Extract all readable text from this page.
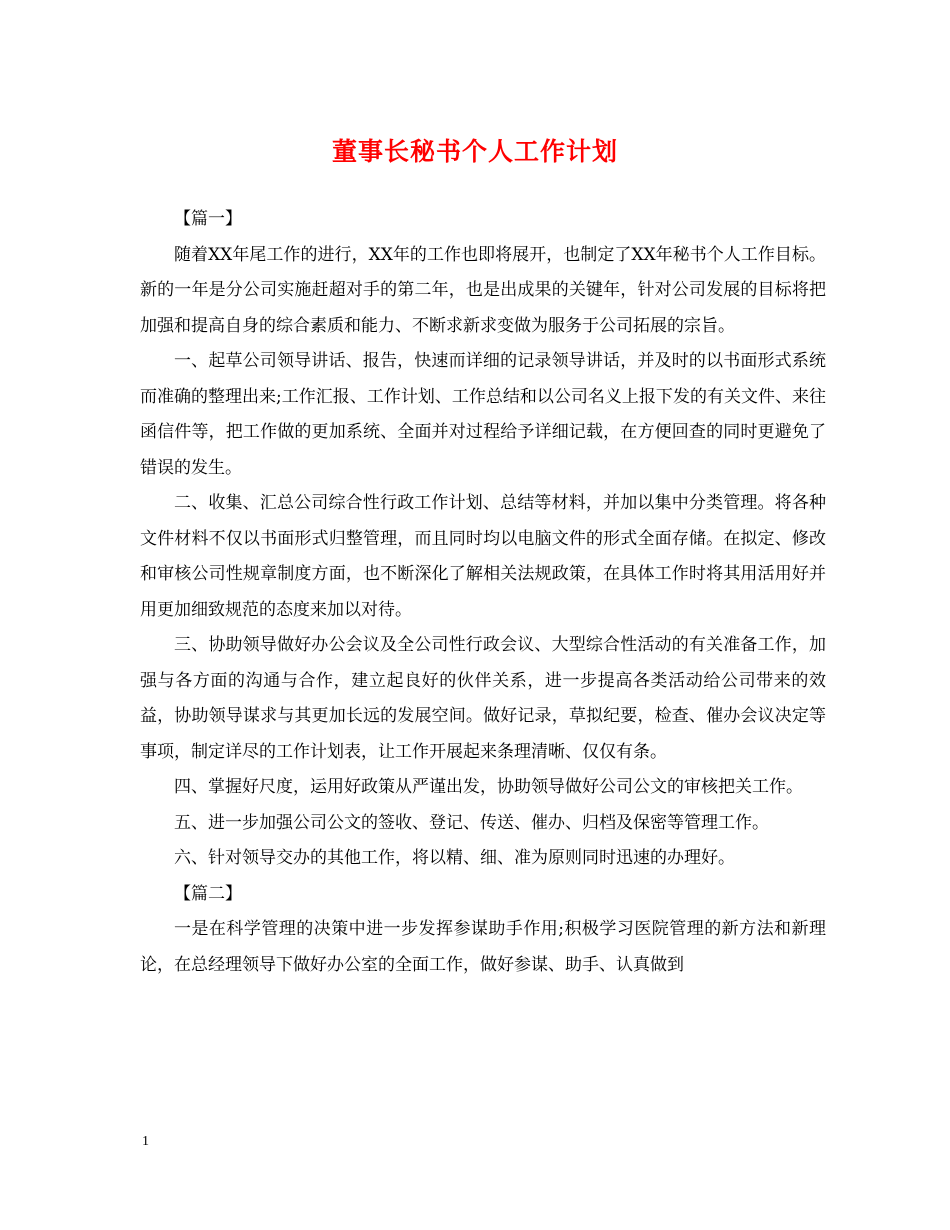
董事长秘书个人工作计划

【篇一】

随着XX年尾工作的进行，XX年的工作也即将展开，也制定了XX年秘书个人工作目标。新的一年是分公司实施赶超对手的第二年，也是出成果的关键年，针对公司发展的目标将把加强和提高自身的综合素质和能力、不断求新求变做为服务于公司拓展的宗旨。

一、起草公司领导讲话、报告，快速而详细的记录领导讲话，并及时的以书面形式系统而准确的整理出来;工作汇报、工作计划、工作总结和以公司名义上报下发的有关文件、来往函信件等，把工作做的更加系统、全面并对过程给予详细记载，在方便回查的同时更避免了错误的发生。

二、收集、汇总公司综合性行政工作计划、总结等材料，并加以集中分类管理。将各种文件材料不仅以书面形式归整管理，而且同时均以电脑文件的形式全面存储。在拟定、修改和审核公司性规章制度方面，也不断深化了解相关法规政策，在具体工作时将其用活用好并用更加细致规范的态度来加以对待。

三、协助领导做好办公会议及全公司性行政会议、大型综合性活动的有关准备工作，加强与各方面的沟通与合作，建立起良好的伙伴关系，进一步提高各类活动给公司带来的效益，协助领导谋求与其更加长远的发展空间。做好记录，草拟纪要，检查、催办会议决定等事项，制定详尽的工作计划表，让工作开展起来条理清晰、仅仅有条。

四、掌握好尺度，运用好政策从严谨出发，协助领导做好公司公文的审核把关工作。

五、进一步加强公司公文的签收、登记、传送、催办、归档及保密等管理工作。

六、针对领导交办的其他工作，将以精、细、准为原则同时迅速的办理好。

【篇二】

一是在科学管理的决策中进一步发挥参谋助手作用;积极学习医院管理的新方法和新理论，在总经理领导下做好办公室的全面工作，做好参谋、助手、认真做到

1
